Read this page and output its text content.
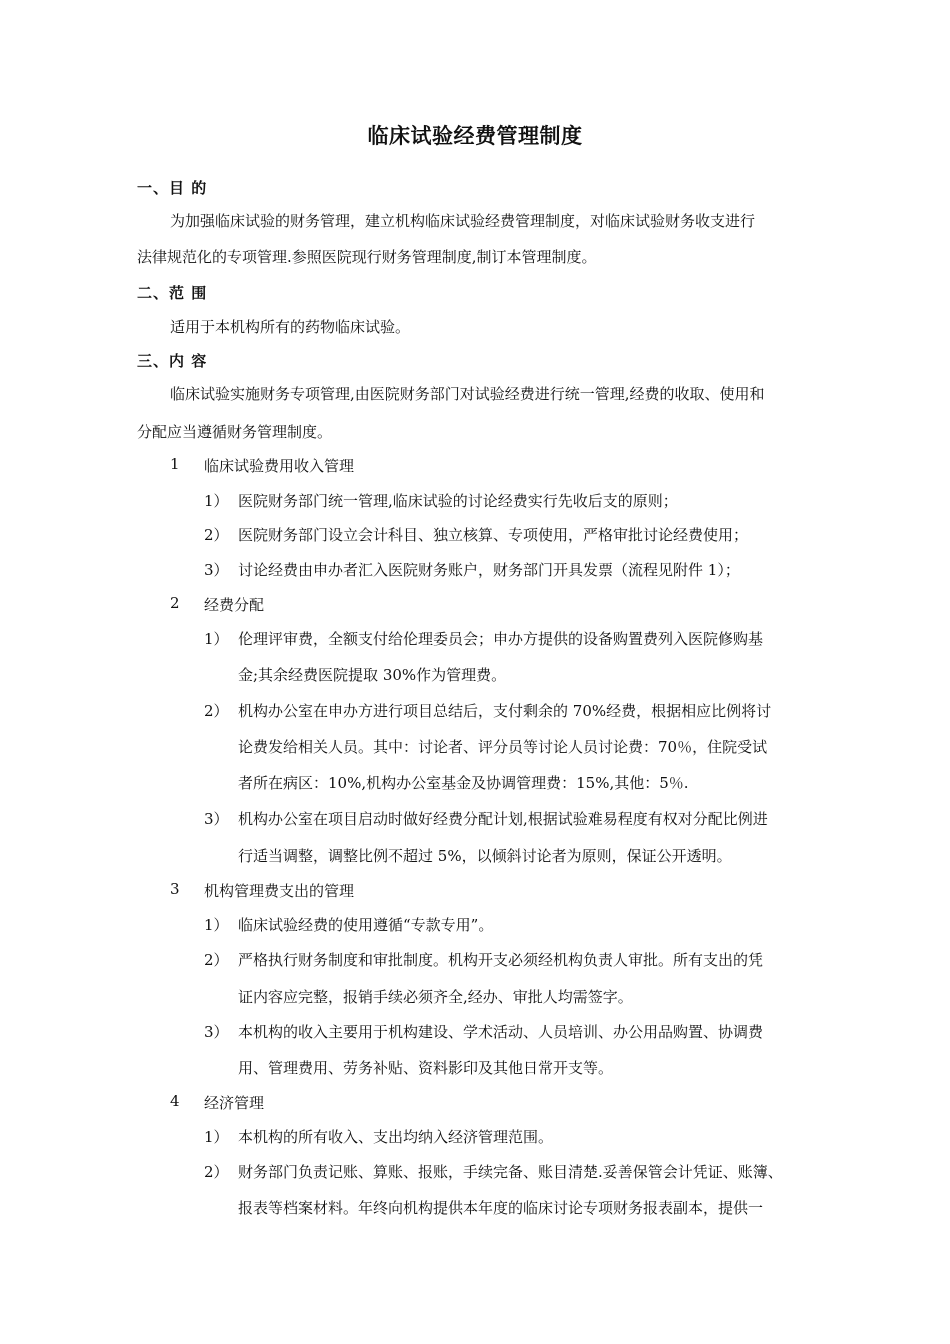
临床试验经费管理制度
一、目 的
为加强临床试验的财务管理，建立机构临床试验经费管理制度，对临床试验财务收支进行
法律规范化的专项管理.参照医院现行财务管理制度,制订本管理制度。
二、范 围
适用于本机构所有的药物临床试验。
三、内 容
临床试验实施财务专项管理,由医院财务部门对试验经费进行统一管理,经费的收取、使用和
分配应当遵循财务管理制度。
1 临床试验费用收入管理
1） 医院财务部门统一管理,临床试验的讨论经费实行先收后支的原则；
2） 医院财务部门设立会计科目、独立核算、专项使用，严格审批讨论经费使用；
3） 讨论经费由申办者汇入医院财务账户，财务部门开具发票（流程见附件 1）；
2 经费分配
1） 伦理评审费，全额支付给伦理委员会；申办方提供的设备购置费列入医院修购基
金;其余经费医院提取 30%作为管理费。
2） 机构办公室在申办方进行项目总结后，支付剩余的 70%经费，根据相应比例将讨
论费发给相关人员。其中：讨论者、评分员等讨论人员讨论费：70％，住院受试
者所在病区：10%,机构办公室基金及协调管理费：15%,其他：5％.
3） 机构办公室在项目启动时做好经费分配计划,根据试验难易程度有权对分配比例进
行适当调整，调整比例不超过 5%，以倾斜讨论者为原则，保证公开透明。
3 机构管理费支出的管理
1） 临床试验经费的使用遵循“专款专用”。
2） 严格执行财务制度和审批制度。机构开支必须经机构负责人审批。所有支出的凭
证内容应完整，报销手续必须齐全,经办、审批人均需签字。
3） 本机构的收入主要用于机构建设、学术活动、人员培训、办公用品购置、协调费
用、管理费用、劳务补贴、资料影印及其他日常开支等。
4 经济管理
1） 本机构的所有收入、支出均纳入经济管理范围。
2） 财务部门负责记账、算账、报账，手续完备、账目清楚.妥善保管会计凭证、账簿、
报表等档案材料。年终向机构提供本年度的临床讨论专项财务报表副本，提供一
